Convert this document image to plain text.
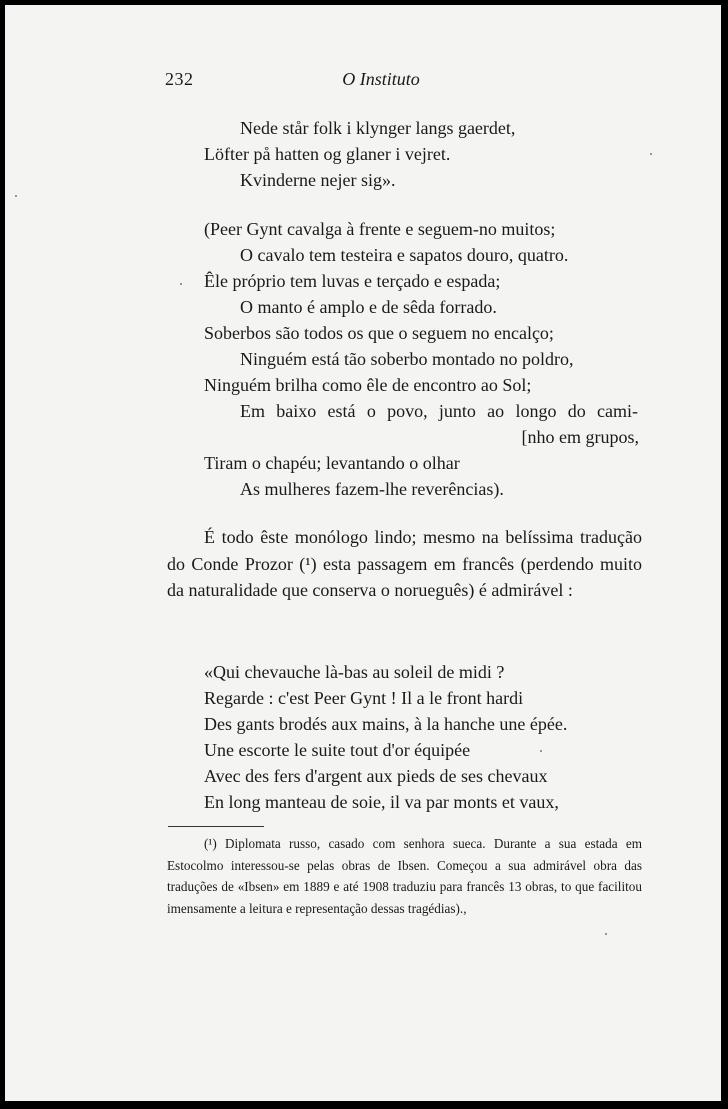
232	O Instituto
Nede står folk i klynger langs gaerdet,
Löfter på hatten og glaner i vejret.
Kvinderne nejer sig».
(Peer Gynt cavalga à frente e seguem-no muitos;
O cavalo tem testeira e sapatos douro, quatro.
Êle próprio tem luvas e terçado e espada;
O manto é amplo e de sêda forrado.
Soberbos são todos os que o seguem no encalço;
Ninguém está tão soberbo montado no poldro,
Ninguém brilha como êle de encontro ao Sol;
Em baixo está o povo, junto ao longo do cami-
[nho em grupos,
Tiram o chapéu; levantando o olhar
As mulheres fazem-lhe reverências).

É todo êste monólogo lindo; mesmo na belíssima tradução do Conde Prozor (¹) esta passagem em francês (perdendo muito da naturalidade que conserva o norueguês) é admirável :

«Qui chevauche là-bas au soleil de midi ?
Regarde : c'est Peer Gynt ! Il a le front hardi
Des gants brodés aux mains, à la hanche une épée.
Une escorte le suite tout d'or équipée
Avec des fers d'argent aux pieds de ses chevaux
En long manteau de soie, il va par monts et vaux,

(¹) Diplomata russo, casado com senhora sueca. Durante a sua estada em Estocolmo interessou-se pelas obras de Ibsen. Começou a sua admirável obra das traduções de «Ibsen» em 1889 e até 1908 traduziu para francês 13 obras, to que facilitou imensamente a leitura e representação dessas tragédias).,
